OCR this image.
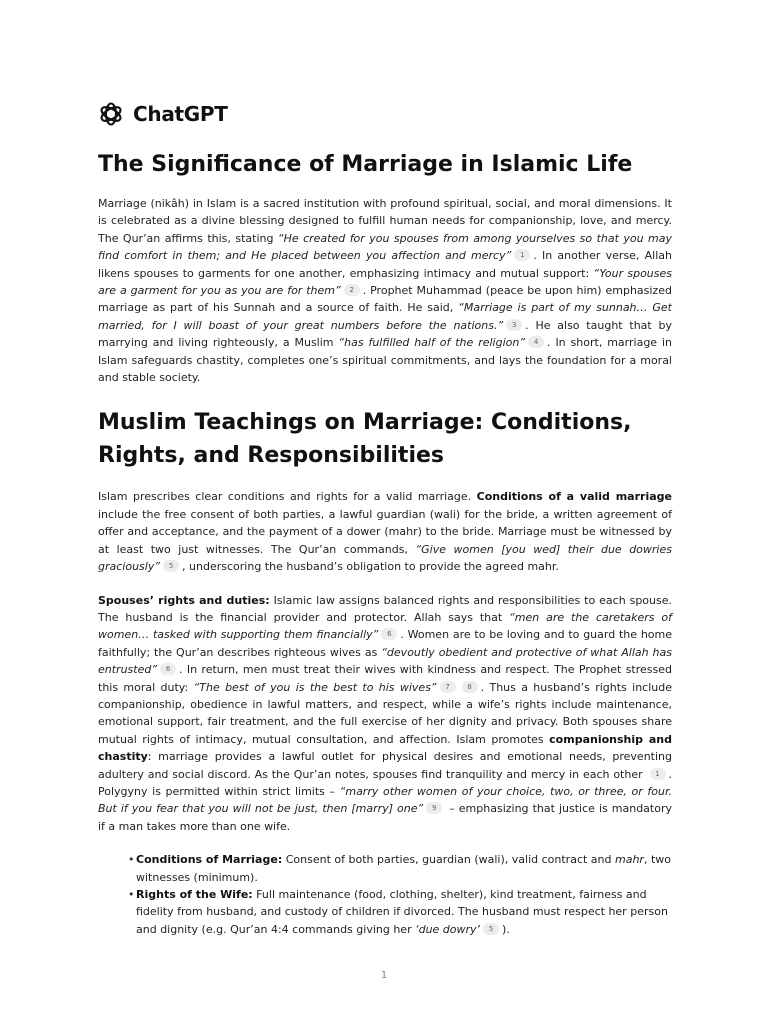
ChatGPT
The Significance of Marriage in Islamic Life

Marriage (nikâh) in Islam is a sacred institution with profound spiritual, social, and moral dimensions. It is celebrated as a divine blessing designed to fulfill human needs for companionship, love, and mercy. The Qur’an affirms this, stating “He created for you spouses from among yourselves so that you may find comfort in them; and He placed between you affection and mercy” 1 . In another verse, Allah likens spouses to garments for one another, emphasizing intimacy and mutual support: “Your spouses are a garment for you as you are for them” 2 . Prophet Muhammad (peace be upon him) emphasized marriage as part of his Sunnah and a source of faith. He said, “Marriage is part of my sunnah… Get married, for I will boast of your great numbers before the nations.” 3 . He also taught that by marrying and living righteously, a Muslim “has fulfilled half of the religion” 4 . In short, marriage in Islam safeguards chastity, completes one’s spiritual commitments, and lays the foundation for a moral and stable society.

Muslim Teachings on Marriage: Conditions, Rights, and Responsibilities

Islam prescribes clear conditions and rights for a valid marriage. Conditions of a valid marriage include the free consent of both parties, a lawful guardian (wali) for the bride, a written agreement of offer and acceptance, and the payment of a dower (mahr) to the bride. Marriage must be witnessed by at least two just witnesses. The Qur’an commands, “Give women [you wed] their due dowries graciously” 5 , underscoring the husband’s obligation to provide the agreed mahr.

Spouses’ rights and duties: Islamic law assigns balanced rights and responsibilities to each spouse. The husband is the financial provider and protector. Allah says that “men are the caretakers of women… tasked with supporting them financially” 6 . Women are to be loving and to guard the home faithfully; the Qur’an describes righteous wives as “devoutly obedient and protective of what Allah has entrusted” 6 . In return, men must treat their wives with kindness and respect. The Prophet stressed this moral duty: “The best of you is the best to his wives” 7	8 . Thus a husband’s rights include companionship, obedience in lawful matters, and respect, while a wife’s rights include maintenance, emotional support, fair treatment, and the full exercise of her dignity and privacy. Both spouses share mutual rights of intimacy, mutual consultation, and affection. Islam promotes companionship and chastity: marriage provides a lawful outlet for physical desires and emotional needs, preventing adultery and social discord. As the Qur’an notes, spouses find tranquility and mercy in each other 1 . Polygyny is permitted within strict limits – “marry other women of your choice, two, or three, or four. But if you fear that you will not be just, then [marry] one” 9 – emphasizing that justice is mandatory if a man takes more than one wife.

• Conditions of Marriage: Consent of both parties, guardian (wali), valid contract and mahr, two witnesses (minimum).
• Rights of the Wife: Full maintenance (food, clothing, shelter), kind treatment, fairness and fidelity from husband, and custody of children if divorced. The husband must respect her person and dignity (e.g. Qur’an 4:4 commands giving her ‘due dowry’ 5 ).
1
